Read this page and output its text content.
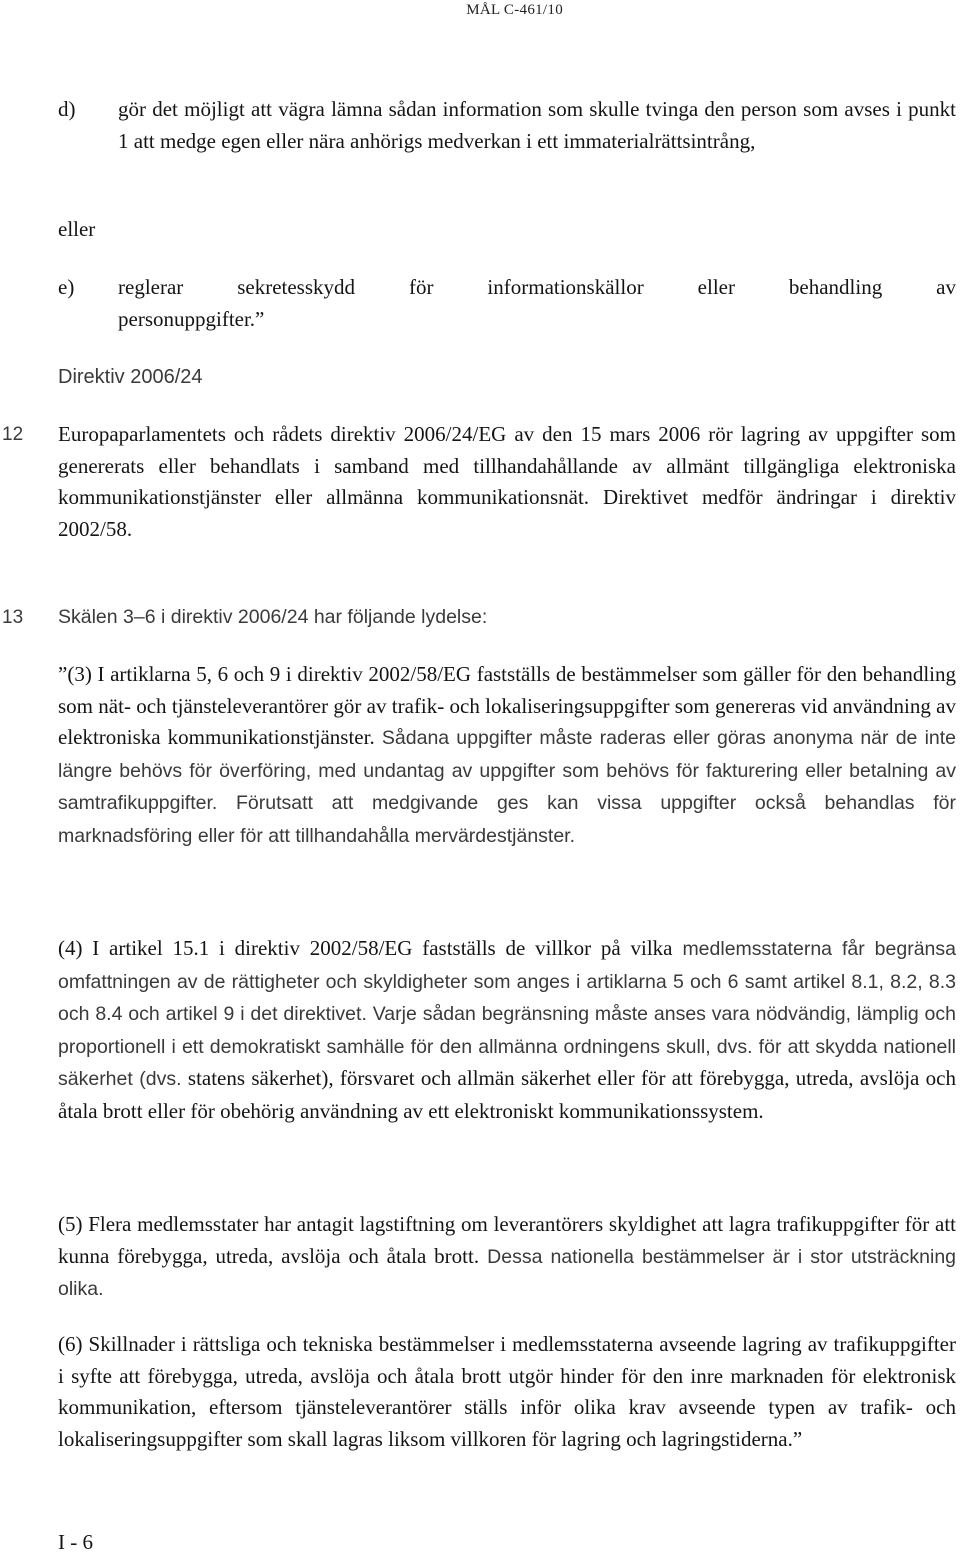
MÅL C-461/10
d) gör det möjligt att vägra lämna sådan information som skulle tvinga den person som avses i punkt 1 att medge egen eller nära anhörigs medverkan i ett immaterialrättsintrång,
eller
e) reglerar sekretesskydd för informationskällor eller behandling av
personuppgifter.”
Direktiv 2006/24
12 Europaparlamentets och rådets direktiv 2006/24/EG av den 15 mars 2006 rör lagring av uppgifter som genererats eller behandlats i samband med tillhandahållande av allmänt tillgängliga elektroniska kommunikationstjänster eller allmänna kommunikationsnät. Direktivet medför ändringar i direktiv 2002/58.
13 Skälen 3–6 i direktiv 2006/24 har följande lydelse:
”(3) I artiklarna 5, 6 och 9 i direktiv 2002/58/EG fastställs de bestämmelser som gäller för den behandling som nät- och tjänsteleverantörer gör av trafik- och lokaliseringsuppgifter som genereras vid användning av elektroniska kommunikationstjänster. Sådana uppgifter måste raderas eller göras anonyma när de inte längre behövs för överföring, med undantag av uppgifter som behövs för fakturering eller betalning av samtrafikuppgifter. Förutsatt att medgivande ges kan vissa uppgifter också behandlas för marknadsföring eller för att tillhandahålla mervärdestjänster.
(4) I artikel 15.1 i direktiv 2002/58/EG fastställs de villkor på vilka medlemsstaterna får begränsa omfattningen av de rättigheter och skyldigheter som anges i artiklarna 5 och 6 samt artikel 8.1, 8.2, 8.3 och 8.4 och artikel 9 i det direktivet. Varje sådan begränsning måste anses vara nödvändig, lämplig och proportionell i ett demokratiskt samhälle för den allmänna ordningens skull, dvs. för att skydda nationell säkerhet (dvs. statens säkerhet), försvaret och allmän säkerhet eller för att förebygga, utreda, avslöja och åtala brott eller för obehörig användning av ett elektroniskt kommunikationssystem.
(5) Flera medlemsstater har antagit lagstiftning om leverantörers skyldighet att lagra trafikuppgifter för att kunna förebygga, utreda, avslöja och åtala brott. Dessa nationella bestämmelser är i stor utsträckning olika.
(6) Skillnader i rättsliga och tekniska bestämmelser i medlemsstaterna avseende lagring av trafikuppgifter i syfte att förebygga, utreda, avslöja och åtala brott utgör hinder för den inre marknaden för elektronisk kommunikation, eftersom tjänsteleverantörer ställs inför olika krav avseende typen av trafik- och lokaliseringsuppgifter som skall lagras liksom villkoren för lagring och lagringstiderna.”
I - 6
